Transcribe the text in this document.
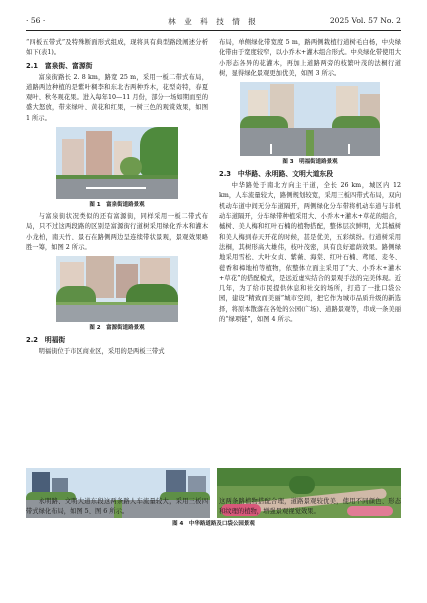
· 56 ·	林 业 科 技 情 报	2025 Vol. 57 No. 2

“四板五带式”及特殊断面形式组成，现将具有典型路段阐述分析如下(表1)。

2.1　富泉街、富源街

富泉街路长 2. 8 km，路宽 25 m，采用一板二带式布局，道路两边种植的是紫叶稠李和东北杏两种乔木，花型奇特，春夏观叶、秋冬观花果。进入每年10—11 月份，部分一场如期而至的盛大怒放，带来绿叶、黄花和红果，一树三色的观赏效果，如图 1 所示。

图 1　富泉街道路景观

与富泉街状况类似的还有富源街，同样采用一板二带式布局，只不过这两段路的区别是富源街行道树采用绿化乔木和灌木小龙柏，南天竹、景石在路侧两边呈连续带状景观，景观效果略胜一筹，如图 2 所示。

图 2　富源街道路景观
2.2　明福街

明福街位于市区商业区，采用的是两板三带式

布局，单侧绿化带宽度 5 m，路两侧栽植行道树毛白杨，中央绿化带由于宽度较窄，以小乔木+灌木组合形式。中央绿化带使用大小形态各异的花灌木，再加上道路两旁的枝繁叶茂的法桐行道树，显得绿化景观更加优美，如图 3 所示。

图 3　明福街道路景观
2.3　中华路、永明路、文明大道东段

中华路处于南北方向主干道，全长 26 km，城区内 12 km，人车流量较大，路侧规划较宽，采用三板四带式布局，双向机动车道中间无分车道隔开，两侧绿化分车带将机动车道与非机动车道隔开，分车绿带种植采用大、小乔木+灌木+草花的组合，槭树、美人梅和红叶石楠的植物搭配，整体层次鲜明，尤其槭树和美人梅到春天开花的时候，甚是优美，五彩缤纷。行道树采用法桐，其树形高大雄伟，枝叶茂密，具有良好遮荫效果。路侧绿地采用雪松、大叶女贞、紫薇、海棠、红叶石楠、鸢尾、麦冬、蓰香和樟地柏等植物，依整体立面主采用了“大、小乔木+灌木+草花”的搭配模式，是远近虚实结合的景观手法的完美体现。近几年，为了给市民提供休息和社交的场所，打造了一批口袋公园，建设“精致而美丽”城市空间，把它作为城市品质升级的新选择，将原本散落在各处的公园(广场)、道路景观等，串成一条美丽的“绿项链”，如图 4 所示。

图 4　中华路道路及口袋公园景观

永明路、文明大道东段这两条路人车流量较大，采用三板四带式绿化布局，如图 5、图 6 所示。

这两条路植物搭配合理，道路景观较优美，使用不同颜色、形态和纹理的植物，增强景观视觉效果。
